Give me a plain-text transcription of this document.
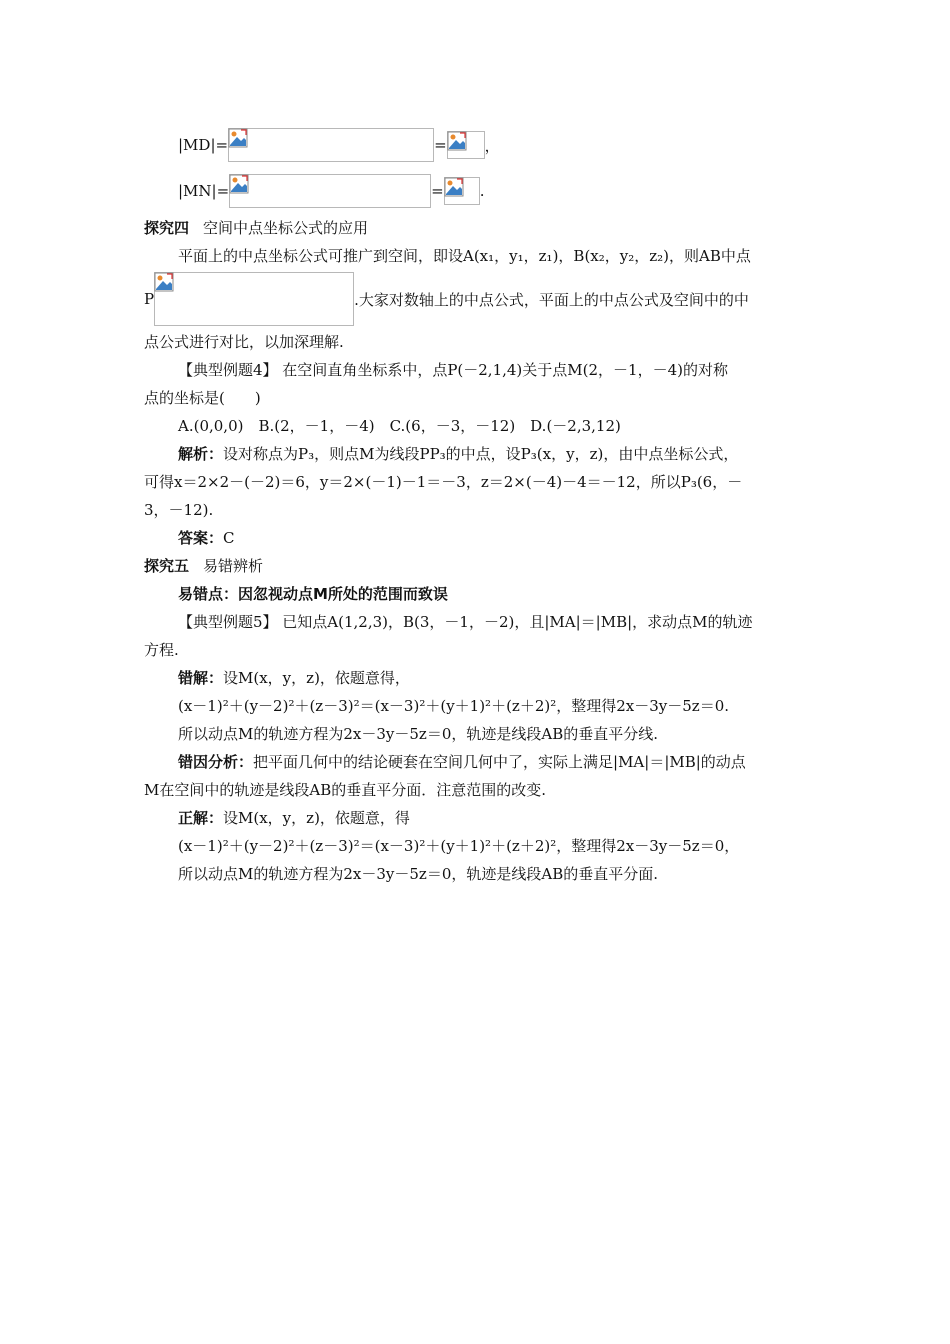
|MD|=	=	，
|MN|=	= .
探究四 空间中点坐标公式的应用
平面上的中点坐标公式可推广到空间，即设A(x₁，y₁，z₁)，B(x₂，y₂，z₂)，则AB中点
P	.大家对数轴上的中点公式，平面上的中点公式及空间中的中
点公式进行对比，以加深理解.
【典型例题4】 在空间直角坐标系中，点P(－2,1,4)关于点M(2，－1，－4)的对称
点的坐标是(　　)
A.(0,0,0)　B.(2，－1，－4)　C.(6，－3，－12)　D.(－2,3,12)
解析：设对称点为P₃，则点M为线段PP₃的中点，设P₃(x，y，z)，由中点坐标公式，
可得x＝2×2－(－2)＝6，y＝2×(－1)－1＝－3，z＝2×(－4)－4＝－12，所以P₃(6，－
3，－12).
答案：C
探究五 易错辨析
易错点：因忽视动点M所处的范围而致误
【典型例题5】 已知点A(1,2,3)，B(3，－1，－2)，且|MA|＝|MB|，求动点M的轨迹
方程.
错解：设M(x，y，z)，依题意得，
(x－1)²＋(y－2)²＋(z－3)²＝(x－3)²＋(y＋1)²＋(z＋2)²，整理得2x－3y－5z＝0.
所以动点M的轨迹方程为2x－3y－5z＝0，轨迹是线段AB的垂直平分线.
错因分析：把平面几何中的结论硬套在空间几何中了，实际上满足|MA|＝|MB|的动点
M在空间中的轨迹是线段AB的垂直平分面．注意范围的改变.
正解：设M(x，y，z)，依题意，得
(x－1)²＋(y－2)²＋(z－3)²＝(x－3)²＋(y＋1)²＋(z＋2)²，整理得2x－3y－5z＝0，
所以动点M的轨迹方程为2x－3y－5z＝0，轨迹是线段AB的垂直平分面.
